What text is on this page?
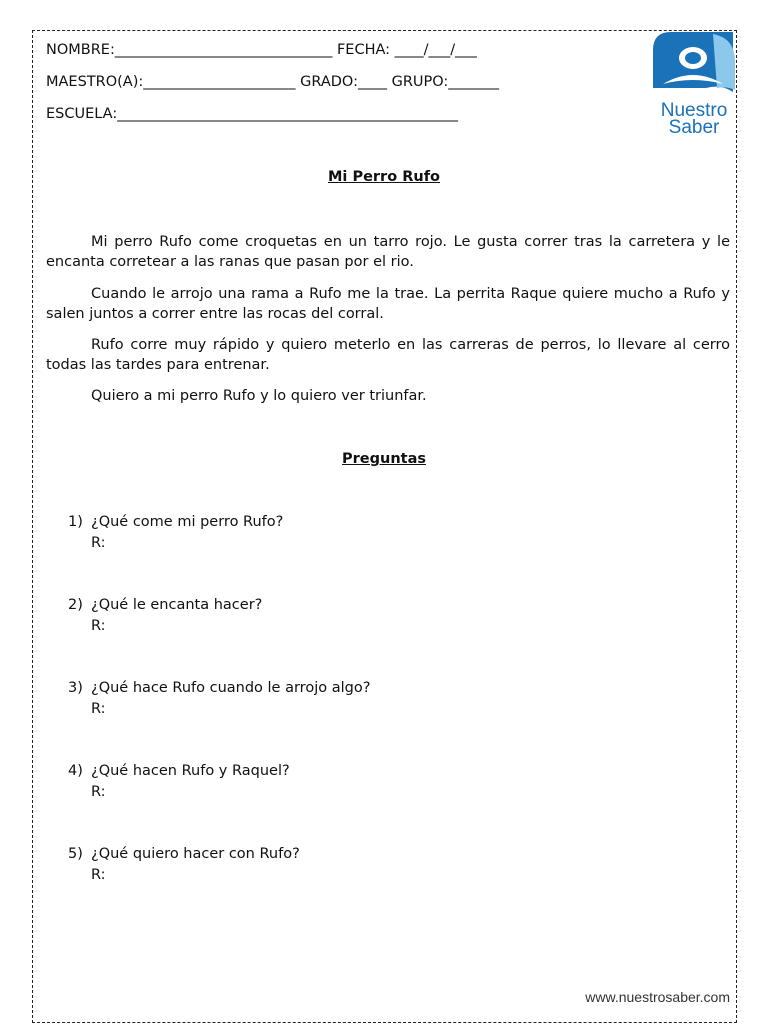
NOMBRE:______________________________ FECHA: ____/___/___
MAESTRO(A):_____________________ GRADO:____ GRUPO:_______
ESCUELA:_______________________________________________	Nuestro
Saber
Mi Perro Rufo
Mi perro Rufo come croquetas en un tarro rojo. Le gusta correr tras la carretera y le encanta corretear a las ranas que pasan por el rio.
Cuando le arrojo una rama a Rufo me la trae. La perrita Raque quiere mucho a Rufo y salen juntos a correr entre las rocas del corral.
Rufo corre muy rápido y quiero meterlo en las carreras de perros, lo llevare al cerro todas las tardes para entrenar.
Quiero a mi perro Rufo y lo quiero ver triunfar.
Preguntas
1) ¿Qué come mi perro Rufo?
R:
2) ¿Qué le encanta hacer?
R:
3) ¿Qué hace Rufo cuando le arrojo algo?
R:
4) ¿Qué hacen Rufo y Raquel?
R:
5) ¿Qué quiero hacer con Rufo?
R:
www.nuestrosaber.com
